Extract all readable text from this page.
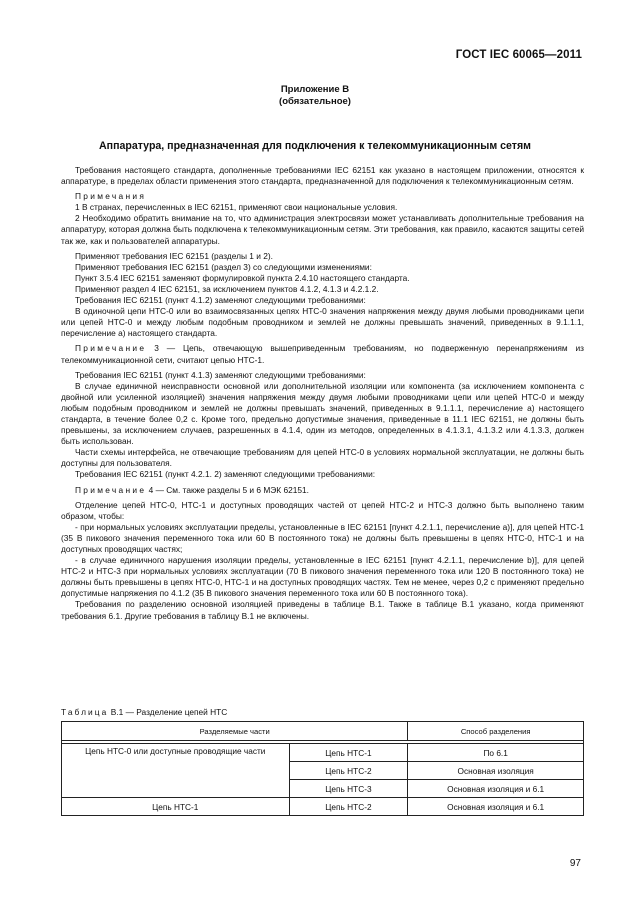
ГОСТ IEC 60065—2011
Приложение В
(обязательное)
Аппаратура, предназначенная для подключения к телекоммуникационным сетям

Требования настоящего стандарта, дополненные требованиями IEC 62151 как указано в настоящем приложении, относятся к аппаратуре, в пределах области применения этого стандарта, предназначенной для подключения к телекоммуникационным сетям.

Примечания

1 В странах, перечисленных в IEC 62151, применяют свои национальные условия.

2 Необходимо обратить внимание на то, что администрация электросвязи может устанавливать дополнительные требования на аппаратуру, которая должна быть подключена к телекоммуникационным сетям. Эти требования, как правило, касаются защиты сетей так же, как и пользователей аппаратуры.

Применяют требования IEC 62151 (разделы 1 и 2).

Применяют требования IEC 62151 (раздел 3) со следующими изменениями:

Пункт 3.5.4 IEC 62151 заменяют формулировкой пункта 2.4.10 настоящего стандарта.

Применяют раздел 4 IEC 62151, за исключением пунктов 4.1.2, 4.1.3 и 4.2.1.2.

Требования IEC 62151 (пункт 4.1.2) заменяют следующими требованиями:

В одиночной цепи НТС-0 или во взаимосвязанных цепях НТС-0 значения напряжения между двумя любыми проводниками цепи или цепей НТС-0 и между любым подобным проводником и землей не должны превышать значений, приведенных в 9.1.1.1, перечисление а) настоящего стандарта.

Примечание 3 — Цепь, отвечающую вышеприведенным требованиям, но подверженную перенапряжениям из телекоммуникационной сети, считают цепью НТС-1.

Требования IEC 62151 (пункт 4.1.3) заменяют следующими требованиями:

В случае единичной неисправности основной или дополнительной изоляции или компонента (за исключением компонента с двойной или усиленной изоляцией) значения напряжения между двумя любыми проводниками цепи или цепей НТС-0 и между любым подобным проводником и землей не должны превышать значений, приведенных в 9.1.1.1, перечисление а) настоящего стандарта, в течение более 0,2 с. Кроме того, предельно допустимые значения, приведенные в 11.1 IEC 62151, не должны быть превышены, за исключением случаев, разрешенных в 4.1.4, один из методов, определенных в 4.1.3.1, 4.1.3.2 или 4.1.3.3, должен быть использован.

Части схемы интерфейса, не отвечающие требованиям для цепей НТС-0 в условиях нормальной эксплуатации, не должны быть доступны для пользователя.

Требования IEC 62151 (пункт 4.2.1. 2) заменяют следующими требованиями:

Примечание 4 — См. также разделы 5 и 6 МЭК 62151.

Отделение цепей НТС-0, НТС-1 и доступных проводящих частей от цепей НТС-2 и НТС-3 должно быть выполнено таким образом, чтобы:

- при нормальных условиях эксплуатации пределы, установленные в IEC 62151 [пункт 4.2.1.1, перечисление а)], для цепей НТС-1 (35 В пикового значения переменного тока или 60 В постоянного тока) не должны быть превышены в цепях НТС-0, НТС-1 и на доступных проводящих частях;

- в случае единичного нарушения изоляции пределы, установленные в IEC 62151 [пункт 4.2.1.1, перечисление b)], для цепей НТС-2 и НТС-3 при нормальных условиях эксплуатации (70 В пикового значения переменного тока или 120 В постоянного тока) не должны быть превышены в цепях НТС-0, НТС-1 и на доступных проводящих частях. Тем не менее, через 0,2 с применяют предельно допустимые напряжения по 4.1.2 (35 В пикового значения переменного тока или 60 В постоянного тока).

Требования по разделению основной изоляцией приведены в таблице В.1. Также в таблице В.1 указано, когда применяют требования 6.1. Другие требования в таблицу В.1 не включены.

Таблица В.1 — Разделение цепей НТС
Разделяемые части		Способ разделения

Цепь НТС-0 или доступные проводящие части	Цепь НТС-1	По 6.1
	Цепь НТС-2	Основная изоляция
	Цепь НТС-3	Основная изоляция и 6.1
Цепь НТС-1	Цепь НТС-2	Основная изоляция и 6.1
97
